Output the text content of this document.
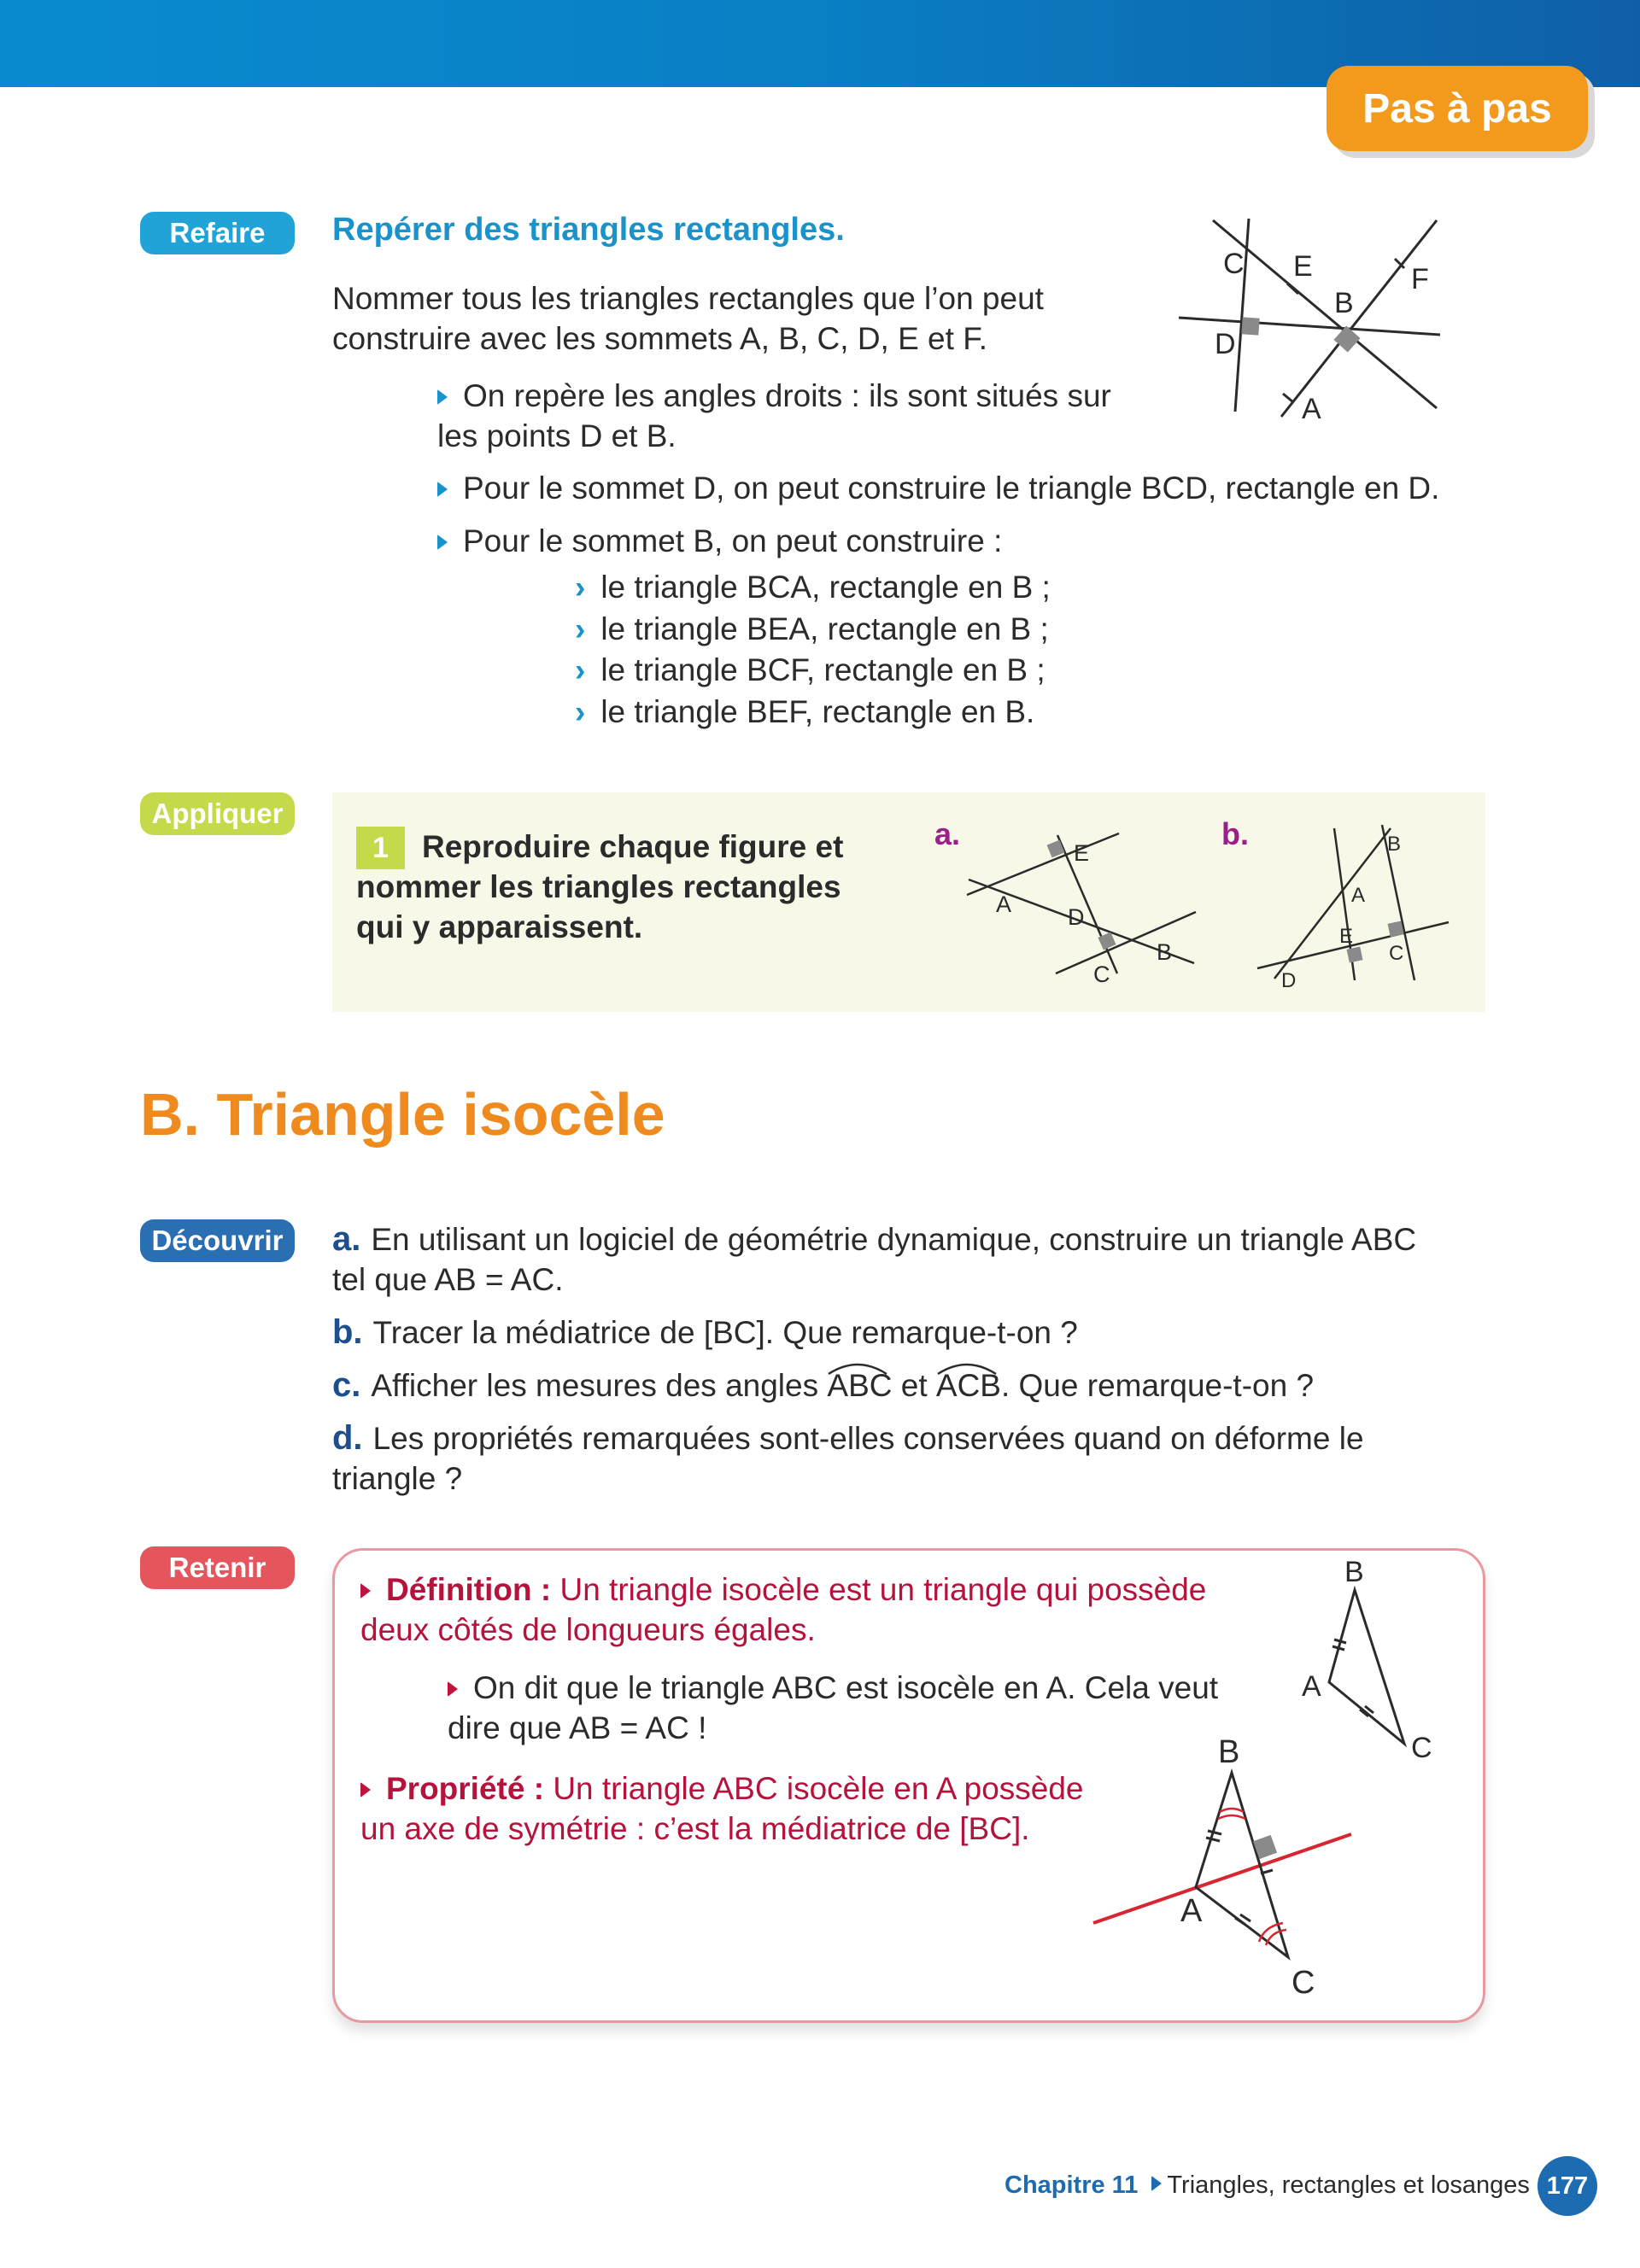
Pas à pas
Refaire	Repérer des triangles rectangles.
Nommer tous les triangles rectangles que l’on peut
construire avec les sommets A, B, C, D, E et F.
On repère les angles droits : ils sont situés sur
les points D et B.
Pour le sommet D, on peut construire le triangle BCD, rectangle en D.
Pour le sommet B, on peut construire :
› le triangle BCA, rectangle en B ;
› le triangle BEA, rectangle en B ;
› le triangle BCF, rectangle en B ;
› le triangle BEF, rectangle en B.
C E
B
F
D
A
Appliquer
1	Reproduire chaque figure et
nommer les triangles rectangles
qui y apparaissent.
a.	b.
E
A D
C
B
B
A
E
C
D
B. Triangle isocèle
Découvrir	a. En utilisant un logiciel de géométrie dynamique, construire un triangle ABC
tel que AB = AC.
b. Tracer la médiatrice de [BC]. Que remarque-t-on ?
c. Afficher les mesures des angles ABC et ACB. Que remarque-t-on ?
d. Les propriétés remarquées sont-elles conservées quand on déforme le
triangle ?
Retenir
Définition : Un triangle isocèle est un triangle qui possède
deux côtés de longueurs égales.
On dit que le triangle ABC est isocèle en A. Cela veut
dire que AB = AC !
Propriété : Un triangle ABC isocèle en A possède
un axe de symétrie : c’est la médiatrice de [BC].
B
A
C
B
A
C
Chapitre 11 Triangles, rectangles et losanges 177
